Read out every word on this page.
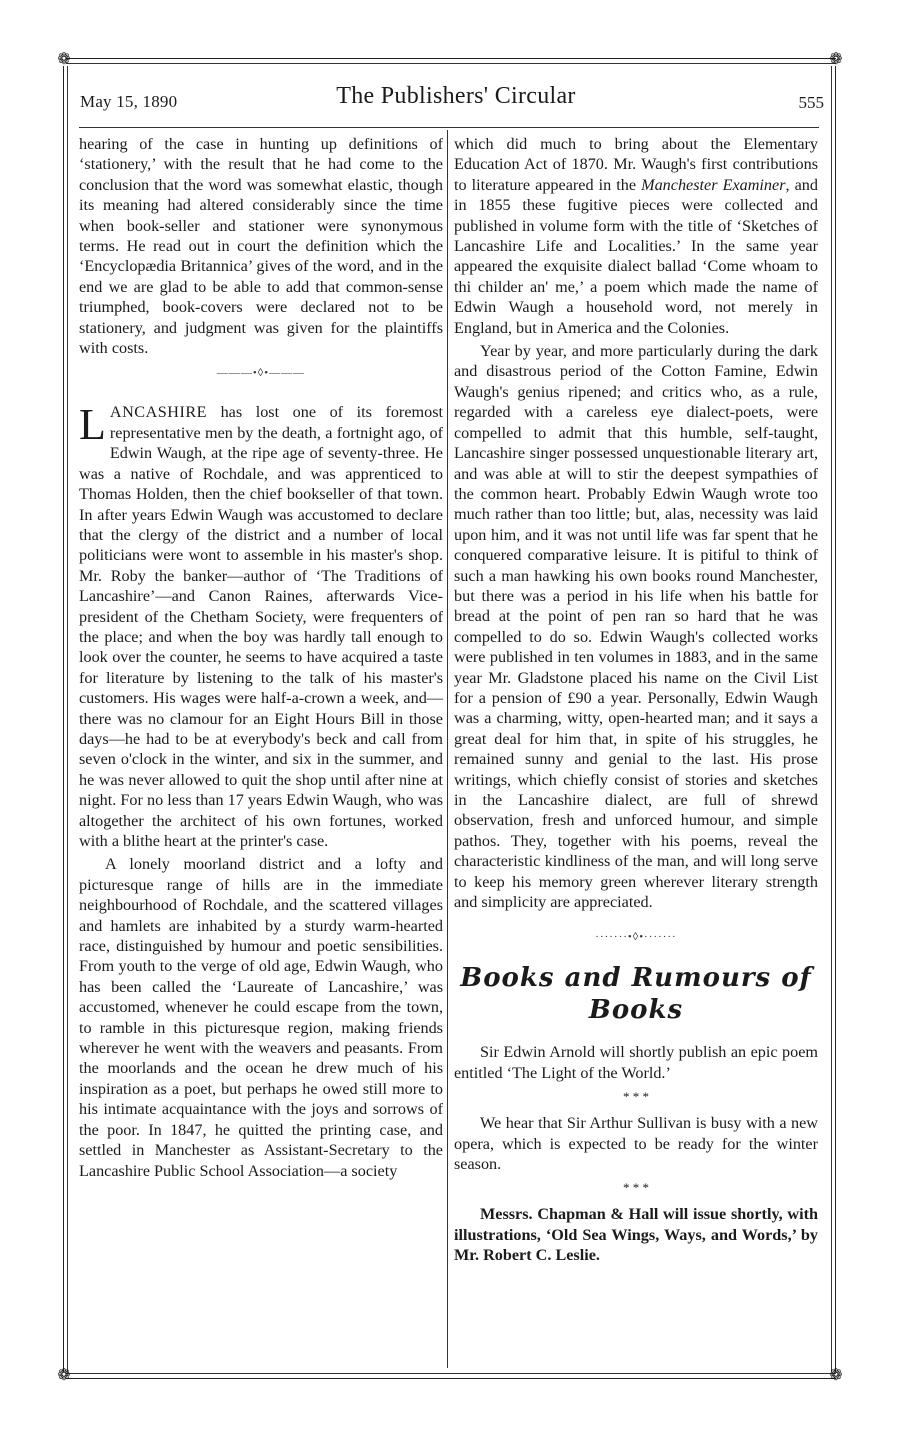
❁	❁
❁	❁
May 15, 1890	The Publishers' Circular	555

hearing of the case in hunting up definitions of ‘stationery,’ with the result that he had come to the conclusion that the word was somewhat elastic, though its meaning had altered considerably since the time when book-seller and stationer were synonymous terms. He read out in court the definition which the ‘Encyclopædia Britannica’ gives of the word, and in the end we are glad to be able to add that common-sense triumphed, book-covers were declared not to be stationery, and judgment was given for the plaintiffs with costs.

———•◊•———

LANCASHIRE has lost one of its foremost representative men by the death, a fortnight ago, of Edwin Waugh, at the ripe age of seventy-three. He was a native of Rochdale, and was apprenticed to Thomas Holden, then the chief bookseller of that town. In after years Edwin Waugh was accustomed to declare that the clergy of the district and a number of local politicians were wont to assemble in his master's shop. Mr. Roby the banker—author of ‘The Traditions of Lancashire’—and Canon Raines, afterwards Vice-president of the Chetham Society, were frequenters of the place; and when the boy was hardly tall enough to look over the counter, he seems to have acquired a taste for literature by listening to the talk of his master's customers. His wages were half-a-crown a week, and—there was no clamour for an Eight Hours Bill in those days—he had to be at everybody's beck and call from seven o'clock in the winter, and six in the summer, and he was never allowed to quit the shop until after nine at night. For no less than 17 years Edwin Waugh, who was altogether the architect of his own fortunes, worked with a blithe heart at the printer's case.

A lonely moorland district and a lofty and picturesque range of hills are in the immediate neighbourhood of Rochdale, and the scattered villages and hamlets are inhabited by a sturdy warm-hearted race, distinguished by humour and poetic sensibilities. From youth to the verge of old age, Edwin Waugh, who has been called the ‘Laureate of Lancashire,’ was accustomed, whenever he could escape from the town, to ramble in this picturesque region, making friends wherever he went with the weavers and peasants. From the moorlands and the ocean he drew much of his inspiration as a poet, but perhaps he owed still more to his intimate acquaintance with the joys and sorrows of the poor. In 1847, he quitted the printing case, and settled in Manchester as Assistant-Secretary to the Lancashire Public School Association—a society

which did much to bring about the Elementary Education Act of 1870. Mr. Waugh's first contributions to literature appeared in the Manchester Examiner, and in 1855 these fugitive pieces were collected and published in volume form with the title of ‘Sketches of Lancashire Life and Localities.’ In the same year appeared the exquisite dialect ballad ‘Come whoam to thi childer an' me,’ a poem which made the name of Edwin Waugh a household word, not merely in England, but in America and the Colonies.

Year by year, and more particularly during the dark and disastrous period of the Cotton Famine, Edwin Waugh's genius ripened; and critics who, as a rule, regarded with a careless eye dialect-poets, were compelled to admit that this humble, self-taught, Lancashire singer possessed unquestionable literary art, and was able at will to stir the deepest sympathies of the common heart. Probably Edwin Waugh wrote too much rather than too little; but, alas, necessity was laid upon him, and it was not until life was far spent that he conquered comparative leisure. It is pitiful to think of such a man hawking his own books round Manchester, but there was a period in his life when his battle for bread at the point of pen ran so hard that he was compelled to do so. Edwin Waugh's collected works were published in ten volumes in 1883, and in the same year Mr. Gladstone placed his name on the Civil List for a pension of £90 a year. Personally, Edwin Waugh was a charming, witty, open-hearted man; and it says a great deal for him that, in spite of his struggles, he remained sunny and genial to the last. His prose writings, which chiefly consist of stories and sketches in the Lancashire dialect, are full of shrewd observation, fresh and unforced humour, and simple pathos. They, together with his poems, reveal the characteristic kindliness of the man, and will long serve to keep his memory green wherever literary strength and simplicity are appreciated.

·······•◊•·······
Books and Rumours of Books

Sir Edwin Arnold will shortly publish an epic poem entitled ‘The Light of the World.’

* * *

We hear that Sir Arthur Sullivan is busy with a new opera, which is expected to be ready for the winter season.

* * *

Messrs. Chapman & Hall will issue shortly, with illustrations, ‘Old Sea Wings, Ways, and Words,’ by Mr. Robert C. Leslie.
